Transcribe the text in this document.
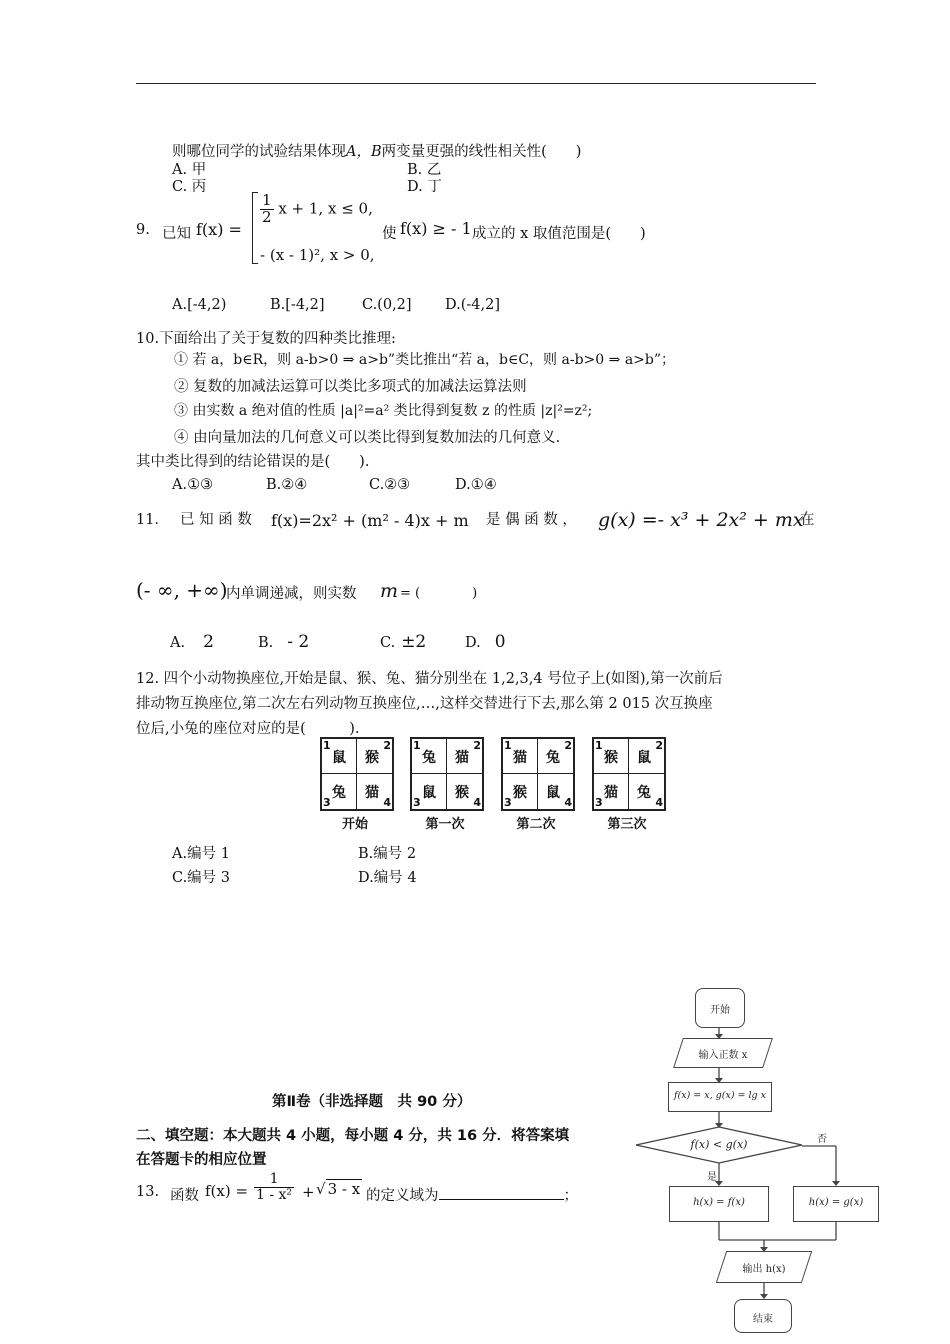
则哪位同学的试验结果体现A，B两变量更强的线性相关性(　　)
A. 甲	B. 乙
C. 丙	D. 丁
9. 已知 f(x) =
$\frac{1}{2}$ x + 1, x ≤ 0,
- (x - 1)², x > 0,
使 f(x) ≥ - 1 成立的 x 取值范围是(　　)
A.[-4,2)	B.[-4,2]	C.(0,2] D.(-4,2]
10.下面给出了关于复数的四种类比推理:
① 若 a，b∈R，则 a-b>0 ⇒ a>b”类比推出“若 a，b∈C，则 a-b>0 ⇒ a>b”；
② 复数的加减法运算可以类比多项式的加减法运算法则
③ 由实数 a 绝对值的性质 |a|²=a² 类比得到复数 z 的性质 |z|²=z²;
④ 由向量加法的几何意义可以类比得到复数加法的几何意义.
其中类比得到的结论错误的是(　　).
A.①③	B.②④	C.②③	D.①④
11． 已 知 函 数 f(x)=2x² + (m² - 4)x + m 是 偶 函 数 ， g(x) =- x³ + 2x² + mx
在
(- ∞, +∞)
内单调递减，则实数 m = (　　　　)
A. 2	B. - 2	C. ±2	D. 0
12. 四个小动物换座位,开始是鼠、猴、兔、猫分别坐在 1,2,3,4 号位子上(如图),第一次前后
排动物互换座位,第二次左右列动物互换座位,…,这样交替进行下去,那么第 2 015 次互换座
位后,小兔的座位对应的是(　　　).
1	2
3	4
鼠 猴
兔 猫
开始
1	2
3	4
兔 猫
鼠 猴
第一次
1	2
3	4
猫 兔
猴 鼠
第二次
1	2
3	4
猴 鼠
猫 兔
第三次
A.编号 1	B.编号 2
C.编号 3	D.编号 4
第Ⅱ卷（非选择题　共 90 分）
二、填空题：本大题共 4 小题，每小题 4 分，共 16 分．将答案填
在答题卡的相应位置
13. 函数 $f(x) = \frac{1}{\text{1 - x²}}$ + √ 3 - x 的定义域为	；
开始
输入正数 x
f(x) = x, g(x) = lg x
f(x) < g(x)
是
否
h(x) = f(x)	h(x) = g(x)
输出 h(x)
结束
